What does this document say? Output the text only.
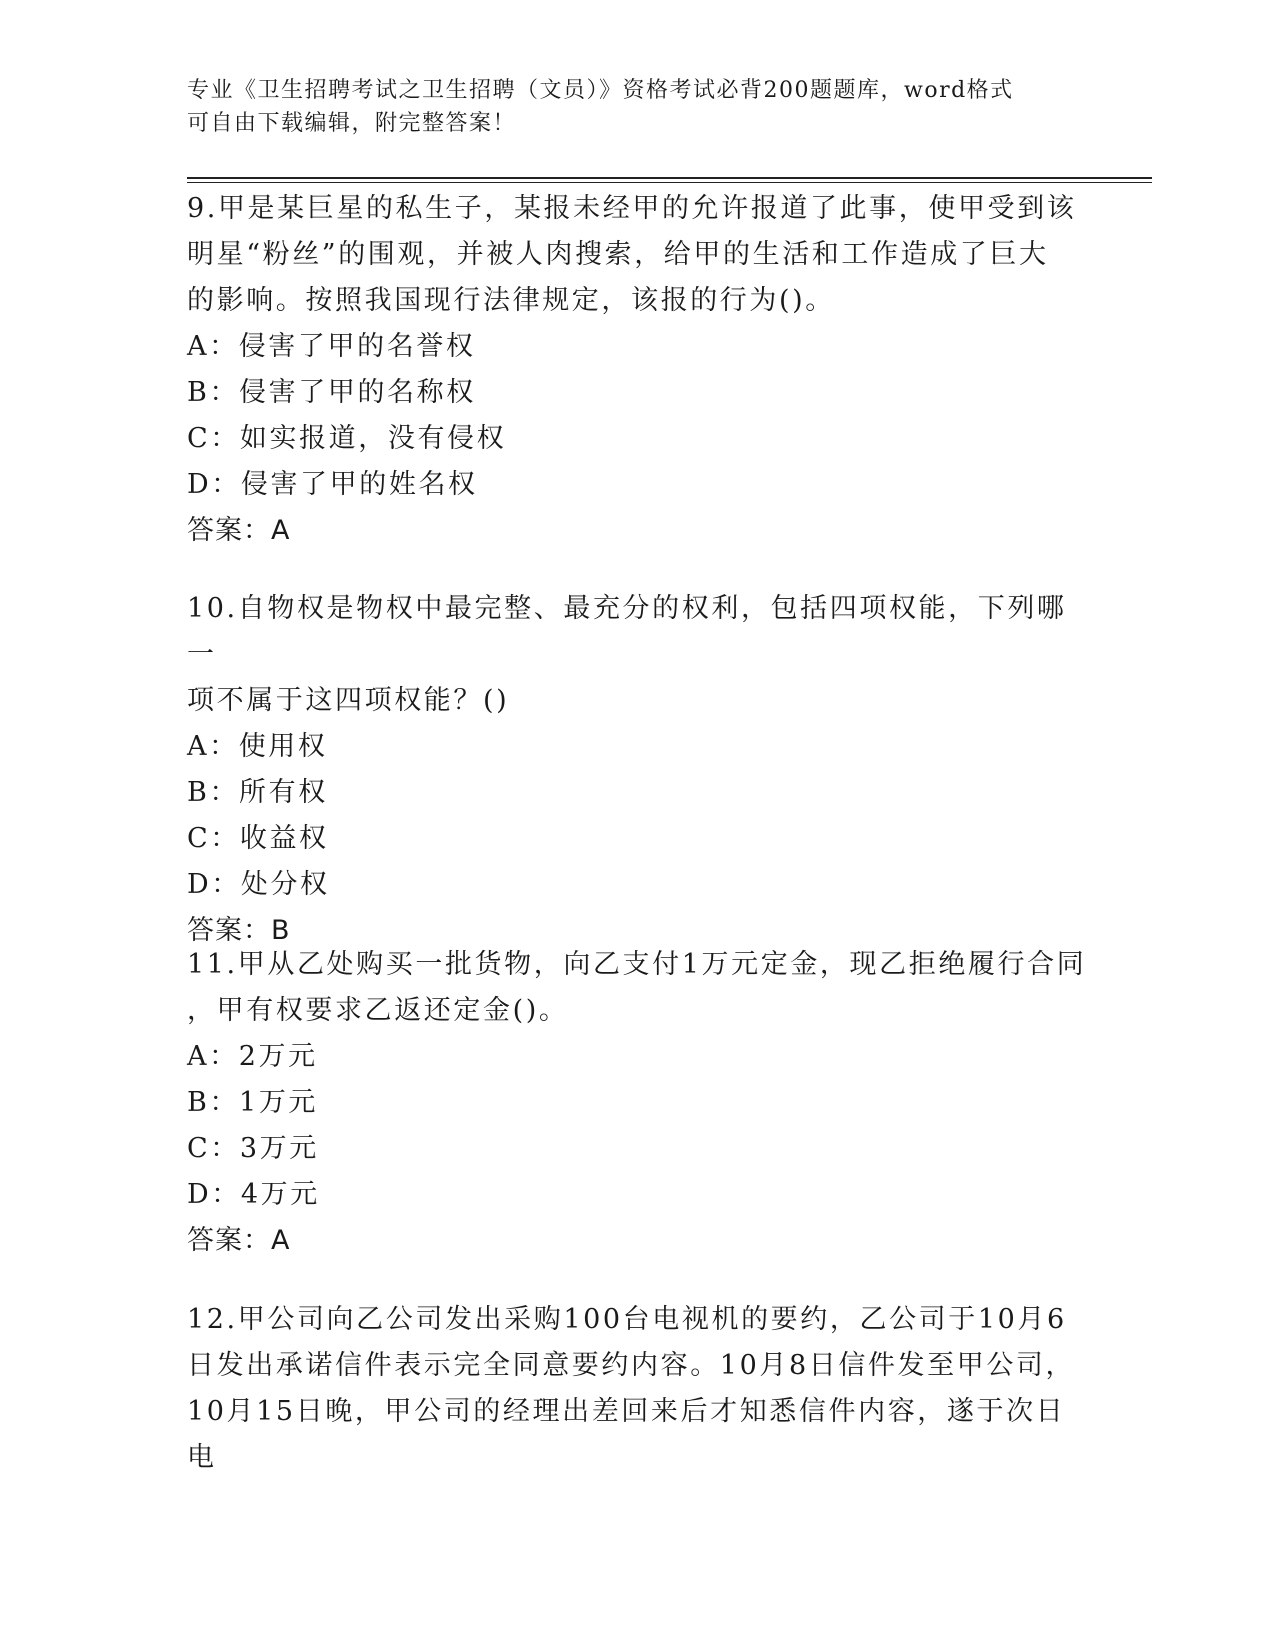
专业《卫生招聘考试之卫生招聘（文员）》资格考试必背200题题库，word格式
可自由下载编辑，附完整答案！

9.甲是某巨星的私生子，某报未经甲的允许报道了此事，使甲受到该

明星“粉丝”的围观，并被人肉搜索，给甲的生活和工作造成了巨大

的影响。按照我国现行法律规定，该报的行为()。

A：侵害了甲的名誉权

B：侵害了甲的名称权

C：如实报道，没有侵权

D：侵害了甲的姓名权

答案：A

10.自物权是物权中最完整、最充分的权利，包括四项权能，下列哪一

项不属于这四项权能？()

A：使用权

B：所有权

C：收益权

D：处分权

答案：B

11.甲从乙处购买一批货物，向乙支付1万元定金，现乙拒绝履行合同

，甲有权要求乙返还定金()。

A：2万元

B：1万元

C：3万元

D：4万元

答案：A

12.甲公司向乙公司发出采购100台电视机的要约，乙公司于10月6

日发出承诺信件表示完全同意要约内容。10月8日信件发至甲公司，

10月15日晚，甲公司的经理出差回来后才知悉信件内容，遂于次日电
